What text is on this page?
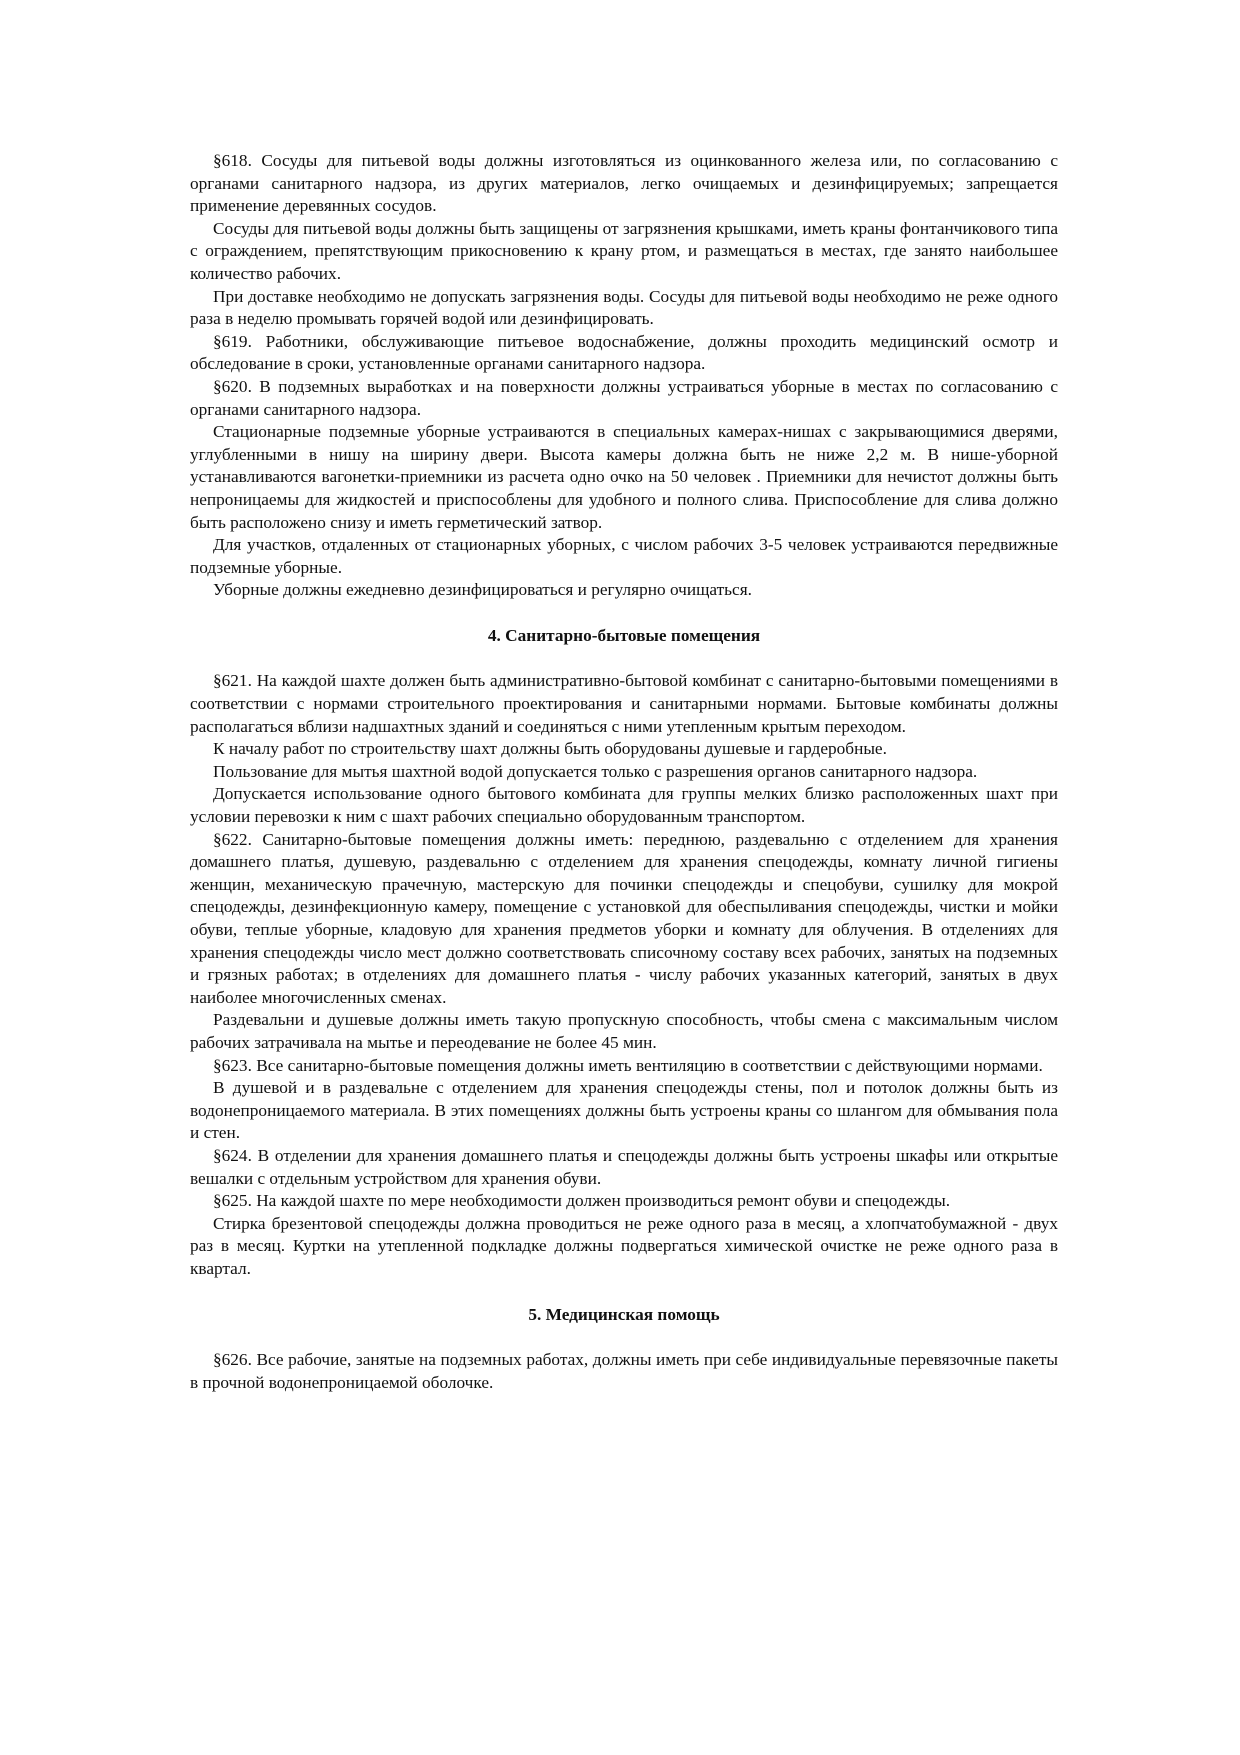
§618. Сосуды для питьевой воды должны изготовляться из оцинкованного железа или, по согласованию с органами санитарного надзора, из других материалов, легко очищаемых и дезинфицируемых; запрещается применение деревянных сосудов.

Сосуды для питьевой воды должны быть защищены от загрязнения крышками, иметь краны фонтанчикового типа с ограждением, препятствующим прикосновению к крану ртом, и размещаться в местах, где занято наибольшее количество рабочих.

При доставке необходимо не допускать загрязнения воды. Сосуды для питьевой воды необходимо не реже одного раза в неделю промывать горячей водой или дезинфицировать.

§619. Работники, обслуживающие питьевое водоснабжение, должны проходить медицинский осмотр и обследование в сроки, установленные органами санитарного надзора.

§620. В подземных выработках и на поверхности должны устраиваться уборные в местах по согласованию с органами санитарного надзора.

Стационарные подземные уборные устраиваются в специальных камерах-нишах с закрывающимися дверями, углубленными в нишу на ширину двери. Высота камеры должна быть не ниже 2,2 м. В нише-уборной устанавливаются вагонетки-приемники из расчета одно очко на 50 человек . Приемники для нечистот должны быть непроницаемы для жидкостей и приспособлены для удобного и полного слива. Приспособление для слива должно быть расположено снизу и иметь герметический затвор.

Для участков, отдаленных от стационарных уборных, с числом рабочих 3-5 человек устраиваются передвижные подземные уборные.

Уборные должны ежедневно дезинфицироваться и регулярно очищаться.

4. Санитарно-бытовые помещения

§621. На каждой шахте должен быть административно-бытовой комбинат с санитарно-бытовыми помещениями в соответствии с нормами строительного проектирования и санитарными нормами. Бытовые комбинаты должны располагаться вблизи надшахтных зданий и соединяться с ними утепленным крытым переходом.

К началу работ по строительству шахт должны быть оборудованы душевые и гардеробные.

Пользование для мытья шахтной водой допускается только с разрешения органов санитарного надзора.

Допускается использование одного бытового комбината для группы мелких близко расположенных шахт при условии перевозки к ним с шахт рабочих специально оборудованным транспортом.

§622. Санитарно-бытовые помещения должны иметь: переднюю, раздевальню с отделением для хранения домашнего платья, душевую, раздевальню с отделением для хранения спецодежды, комнату личной гигиены женщин, механическую прачечную, мастерскую для починки спецодежды и спецобуви, сушилку для мокрой спецодежды, дезинфекционную камеру, помещение с установкой для обеспыливания спецодежды, чистки и мойки обуви, теплые уборные, кладовую для хранения предметов уборки и комнату для облучения. В отделениях для хранения спецодежды число мест должно соответствовать списочному составу всех рабочих, занятых на подземных и грязных работах; в отделениях для домашнего платья - числу рабочих указанных категорий, занятых в двух наиболее многочисленных сменах.

Раздевальни и душевые должны иметь такую пропускную способность, чтобы смена с максимальным числом рабочих затрачивала на мытье и переодевание не более 45 мин.

§623. Все санитарно-бытовые помещения должны иметь вентиляцию в соответствии с действующими нормами.

В душевой и в раздевальне с отделением для хранения спецодежды стены, пол и потолок должны быть из водонепроницаемого материала. В этих помещениях должны быть устроены краны со шлангом для обмывания пола и стен.

§624. В отделении для хранения домашнего платья и спецодежды должны быть устроены шкафы или открытые вешалки с отдельным устройством для хранения обуви.

§625. На каждой шахте по мере необходимости должен производиться ремонт обуви и спецодежды.

Стирка брезентовой спецодежды должна проводиться не реже одного раза в месяц, а хлопчатобумажной - двух раз в месяц. Куртки на утепленной подкладке должны подвергаться химической очистке не реже одного раза в квартал.

5. Медицинская помощь

§626. Все рабочие, занятые на подземных работах, должны иметь при себе индивидуальные перевязочные пакеты в прочной водонепроницаемой оболочке.
